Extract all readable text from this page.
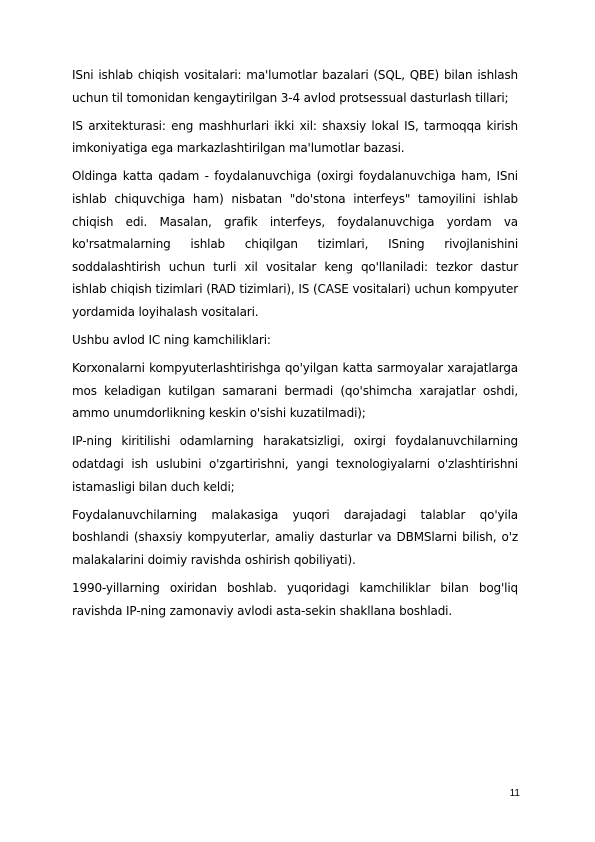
ISni ishlab chiqish vositalari: ma'lumotlar bazalari (SQL, QBE) bilan ishlash uchun til tomonidan kengaytirilgan 3-4 avlod protsessual dasturlash tillari;

IS arxitekturasi: eng mashhurlari ikki xil: shaxsiy lokal IS, tarmoqqa kirish imkoniyatiga ega markazlashtirilgan ma'lumotlar bazasi.

Oldinga katta qadam - foydalanuvchiga (oxirgi foydalanuvchiga ham, ISni ishlab chiquvchiga ham) nisbatan "do'stona interfeys" tamoyilini ishlab chiqish edi. Masalan, grafik interfeys, foydalanuvchiga yordam va ko'rsatmalarning ishlab chiqilgan tizimlari, ISning rivojlanishini soddalashtirish uchun turli xil vositalar keng qo'llaniladi: tezkor dastur ishlab chiqish tizimlari (RAD tizimlari), IS (CASE vositalari) uchun kompyuter yordamida loyihalash vositalari.

Ushbu avlod IC ning kamchiliklari:

Korxonalarni kompyuterlashtirishga qo'yilgan katta sarmoyalar xarajatlarga mos keladigan kutilgan samarani bermadi (qo'shimcha xarajatlar oshdi, ammo unumdorlikning keskin o'sishi kuzatilmadi);

IP-ning kiritilishi odamlarning harakatsizligi, oxirgi foydalanuvchilarning odatdagi ish uslubini o'zgartirishni, yangi texnologiyalarni o'zlashtirishni istamasligi bilan duch keldi;

Foydalanuvchilarning malakasiga yuqori darajadagi talablar qo'yila boshlandi (shaxsiy kompyuterlar, amaliy dasturlar va DBMSlarni bilish, o'z malakalarini doimiy ravishda oshirish qobiliyati).

1990-yillarning oxiridan boshlab. yuqoridagi kamchiliklar bilan bog'liq ravishda IP-ning zamonaviy avlodi asta-sekin shakllana boshladi.

11
